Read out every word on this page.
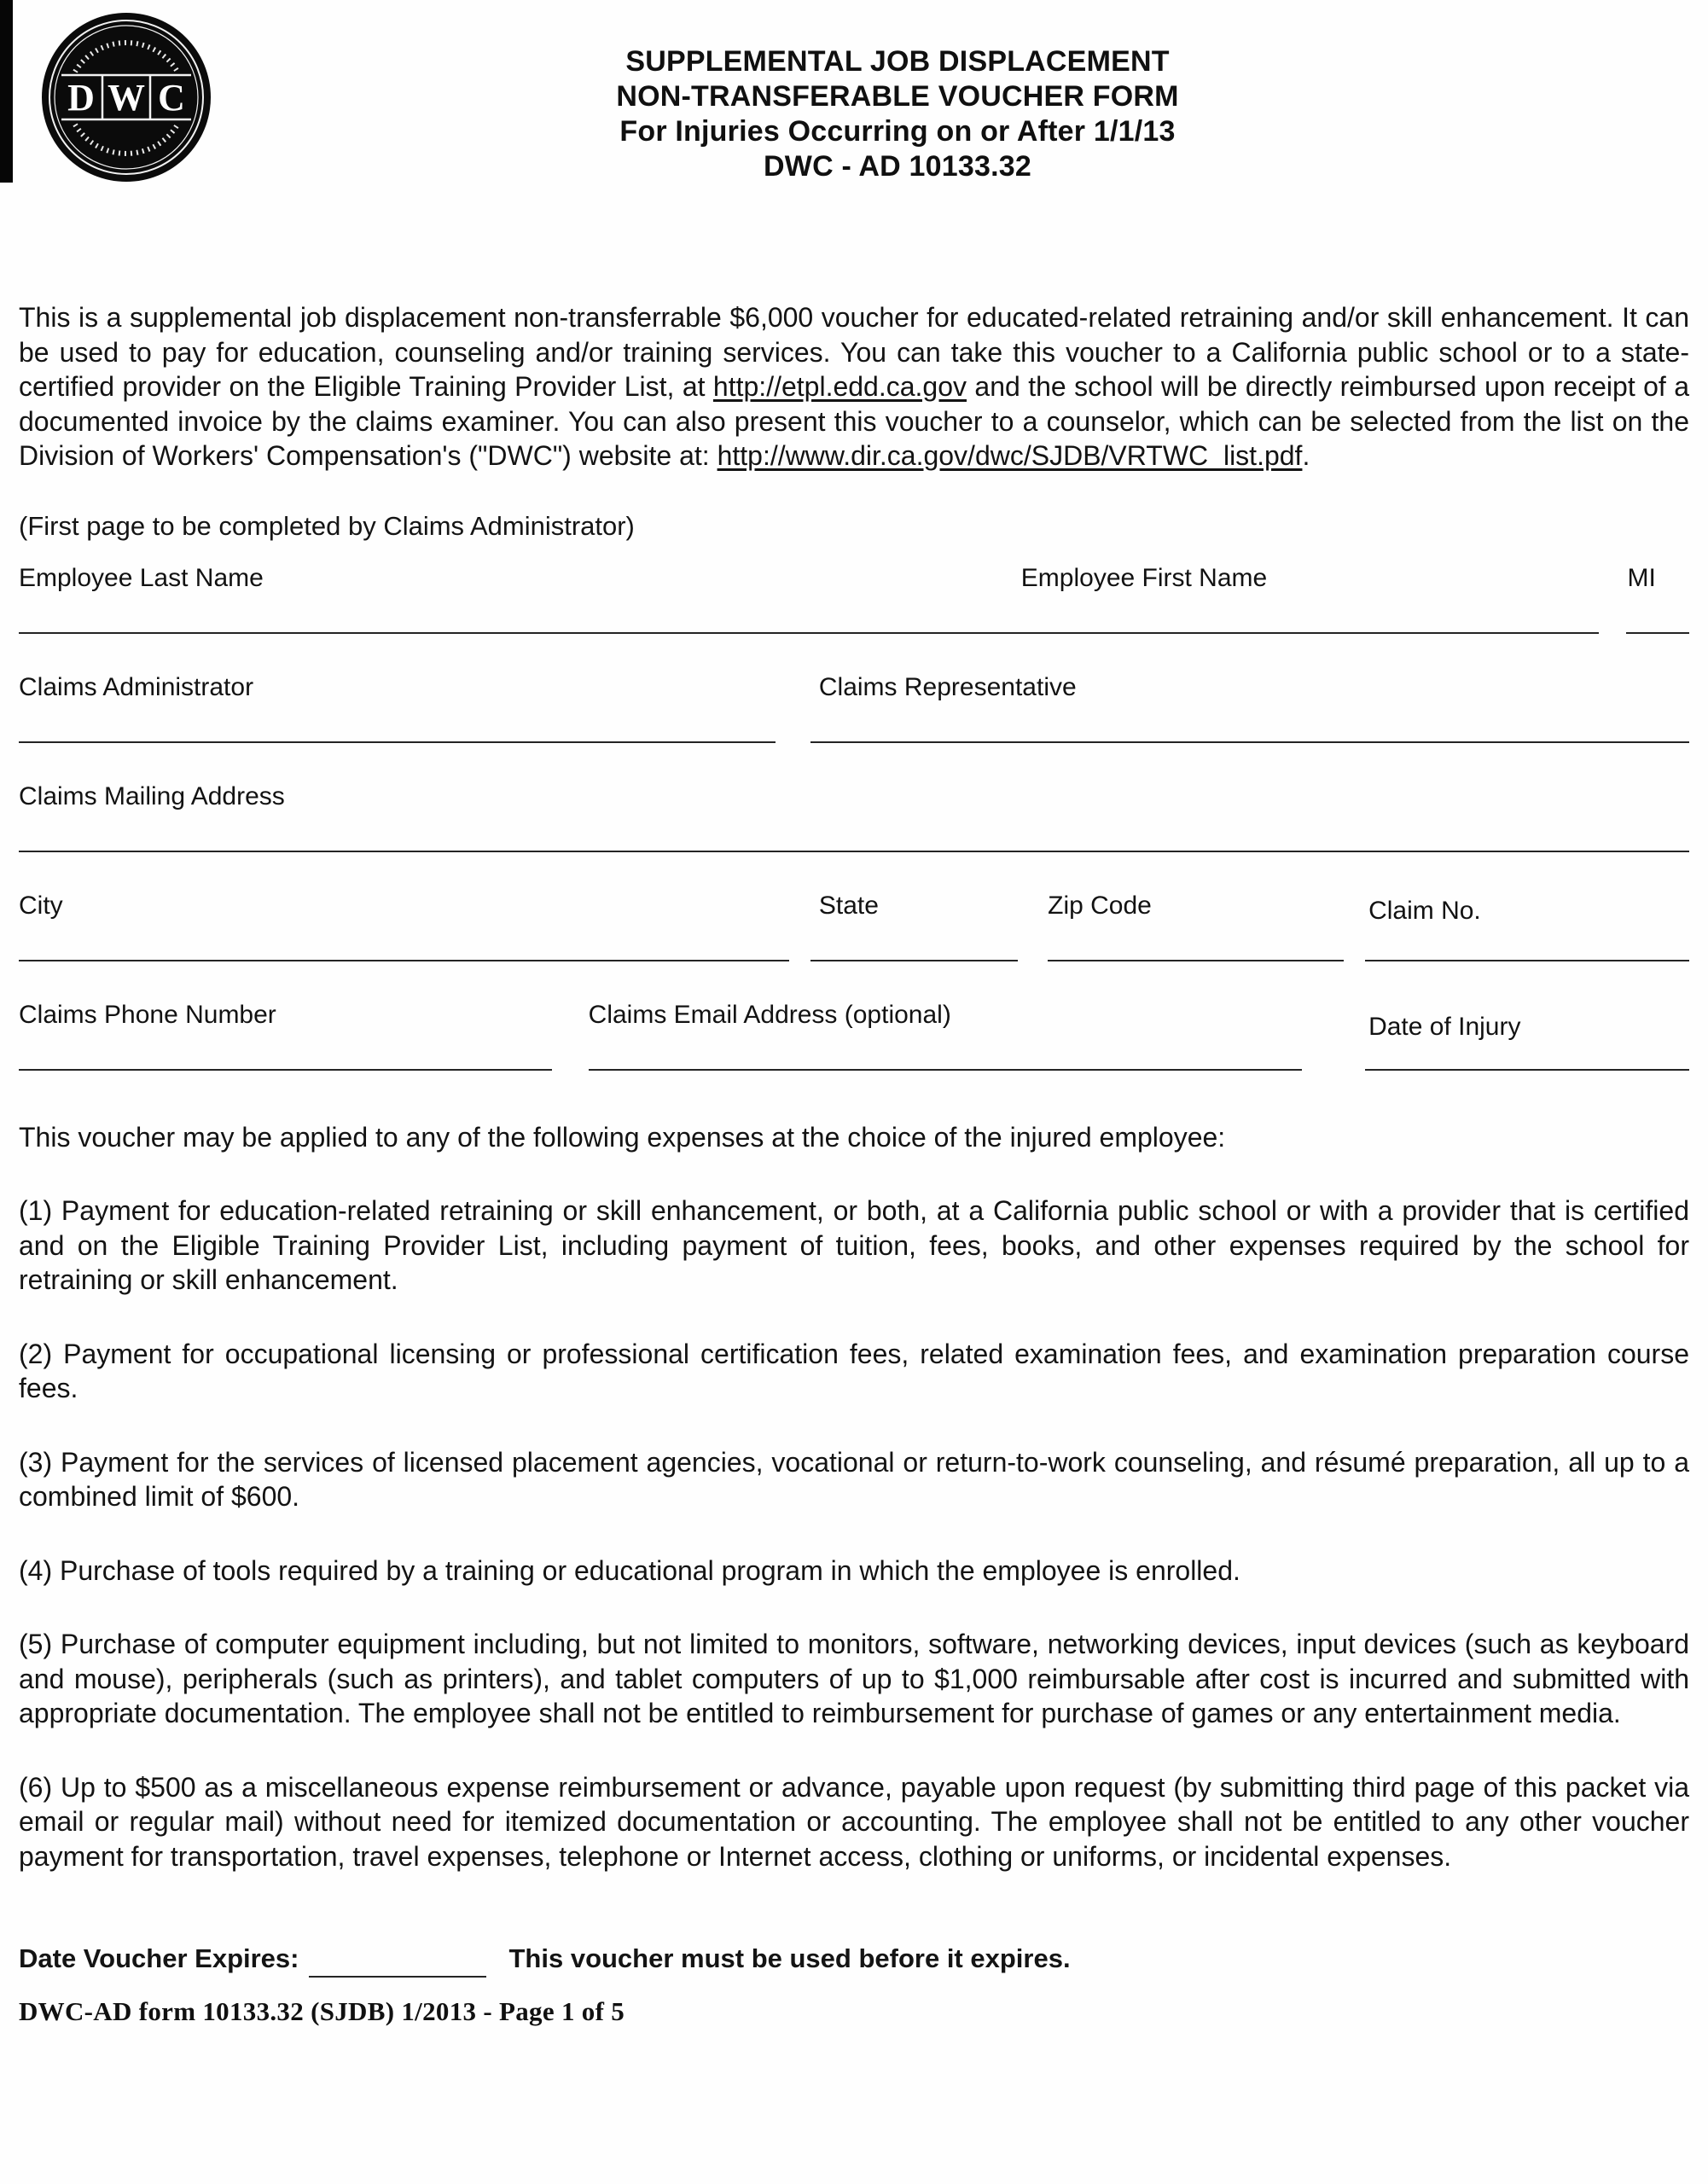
D W C
SUPPLEMENTAL JOB DISPLACEMENT
NON-TRANSFERABLE VOUCHER FORM
For Injuries Occurring on or After 1/1/13
DWC - AD 10133.32

This is a supplemental job displacement non-transferrable $6,000 voucher for educated-related retraining and/or skill enhancement. It can be used to pay for education, counseling and/or training services. You can take this voucher to a California public school or to a state-certified provider on the Eligible Training Provider List, at http://etpl.edd.ca.gov and the school will be directly reimbursed upon receipt of a documented invoice by the claims examiner. You can also present this voucher to a counselor, which can be selected from the list on the Division of Workers' Compensation's ("DWC") website at: http://www.dir.ca.gov/dwc/SJDB/VRTWC_list.pdf.

(First page to be completed by Claims Administrator)

Employee Last Name	Employee First Name	MI
Claims Administrator	Claims Representative
Claims Mailing Address
City	State	Zip Code	Claim No.
Claims Phone Number	Claims Email Address (optional)	Date of Injury

This voucher may be applied to any of the following expenses at the choice of the injured employee:

(1) Payment for education-related retraining or skill enhancement, or both, at a California public school or with a provider that is certified and on the Eligible Training Provider List, including payment of tuition, fees, books, and other expenses required by the school for retraining or skill enhancement.

(2) Payment for occupational licensing or professional certification fees, related examination fees, and examination preparation course fees.

(3) Payment for the services of licensed placement agencies, vocational or return-to-work counseling, and résumé preparation, all up to a combined limit of $600.

(4) Purchase of tools required by a training or educational program in which the employee is enrolled.

(5) Purchase of computer equipment including, but not limited to monitors, software, networking devices, input devices (such as keyboard and mouse), peripherals (such as printers), and tablet computers of up to $1,000 reimbursable after cost is incurred and submitted with appropriate documentation. The employee shall not be entitled to reimbursement for purchase of games or any entertainment media.

(6) Up to $500 as a miscellaneous expense reimbursement or advance, payable upon request (by submitting third page of this packet via email or regular mail) without need for itemized documentation or accounting. The employee shall not be entitled to any other voucher payment for transportation, travel expenses, telephone or Internet access, clothing or uniforms, or incidental expenses.

Date Voucher Expires:	This voucher must be used before it expires.
DWC-AD form 10133.32 (SJDB) 1/2013 - Page 1 of 5
